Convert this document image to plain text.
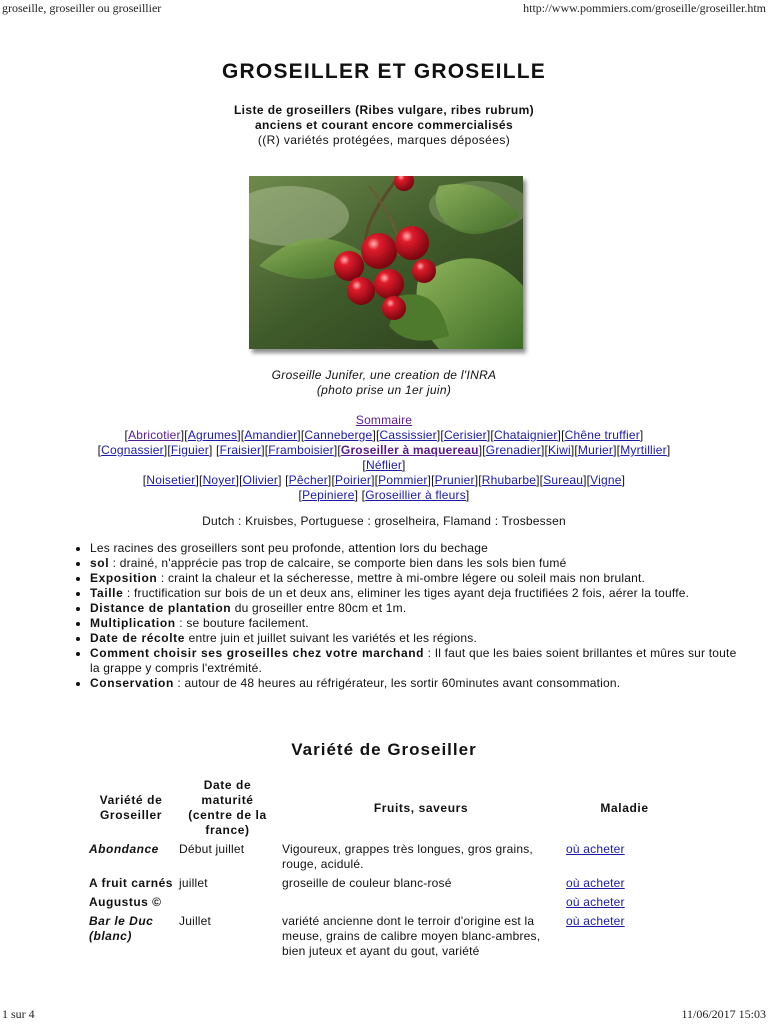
groseille, groseiller ou groseillier	http://www.pommiers.com/groseille/groseiller.htm
GROSEILLER ET GROSEILLE
Liste de groseillers (Ribes vulgare, ribes rubrum)
anciens et courant encore commercialisés
((R) variétés protégées, marques déposées)
Groseille Junifer, une creation de l'INRA
(photo prise un 1er juin)
Sommaire
[Abricotier][Agrumes][Amandier][Canneberge][Cassissier][Cerisier][Chataignier][Chêne truffier]
[Cognassier][Figuier] [Fraisier][Framboisier][Groseiller à maquereau][Grenadier][Kiwi][Murier][Myrtillier]
[Néflier]
[Noisetier][Noyer][Olivier] [Pêcher][Poirier][Pommier][Prunier][Rhubarbe][Sureau][Vigne]
[Pepiniere] [Groseillier à fleurs]
Dutch : Kruisbes, Portuguese : groselheira, Flamand : Trosbessen
• Les racines des groseillers sont peu profonde, attention lors du bechage
• sol : drainé, n'apprécie pas trop de calcaire, se comporte bien dans les sols bien fumé
• Exposition : craint la chaleur et la sécheresse, mettre à mi-ombre légere ou soleil mais non brulant.
• Taille : fructification sur bois de un et deux ans, eliminer les tiges ayant deja fructifiées 2 fois, aérer la touffe.
• Distance de plantation du groseiller entre 80cm et 1m.
• Multiplication : se bouture facilement.
• Date de récolte entre juin et juillet suivant les variétés et les régions.
• Comment choisir ses groseilles chez votre marchand : Il faut que les baies soient brillantes et mûres sur toute la grappe y compris l'extrémité.
• Conservation : autour de 48 heures au réfrigérateur, les sortir 60minutes avant consommation.
Variété de Groseiller
Variété de Groseiller	Date de maturité (centre de la france)	Fruits, saveurs	Maladie
Abondance	Début juillet	Vigoureux, grappes très longues, gros grains, rouge, acidulé.	où acheter
A fruit carnés	juillet	groseille de couleur blanc-rosé	où acheter
Augustus ©			où acheter
Bar le Duc (blanc)	Juillet	variété ancienne dont le terroir d'origine est la meuse, grains de calibre moyen blanc-ambres, bien juteux et ayant du gout, variété	où acheter
1 sur 4	11/06/2017 15:03
